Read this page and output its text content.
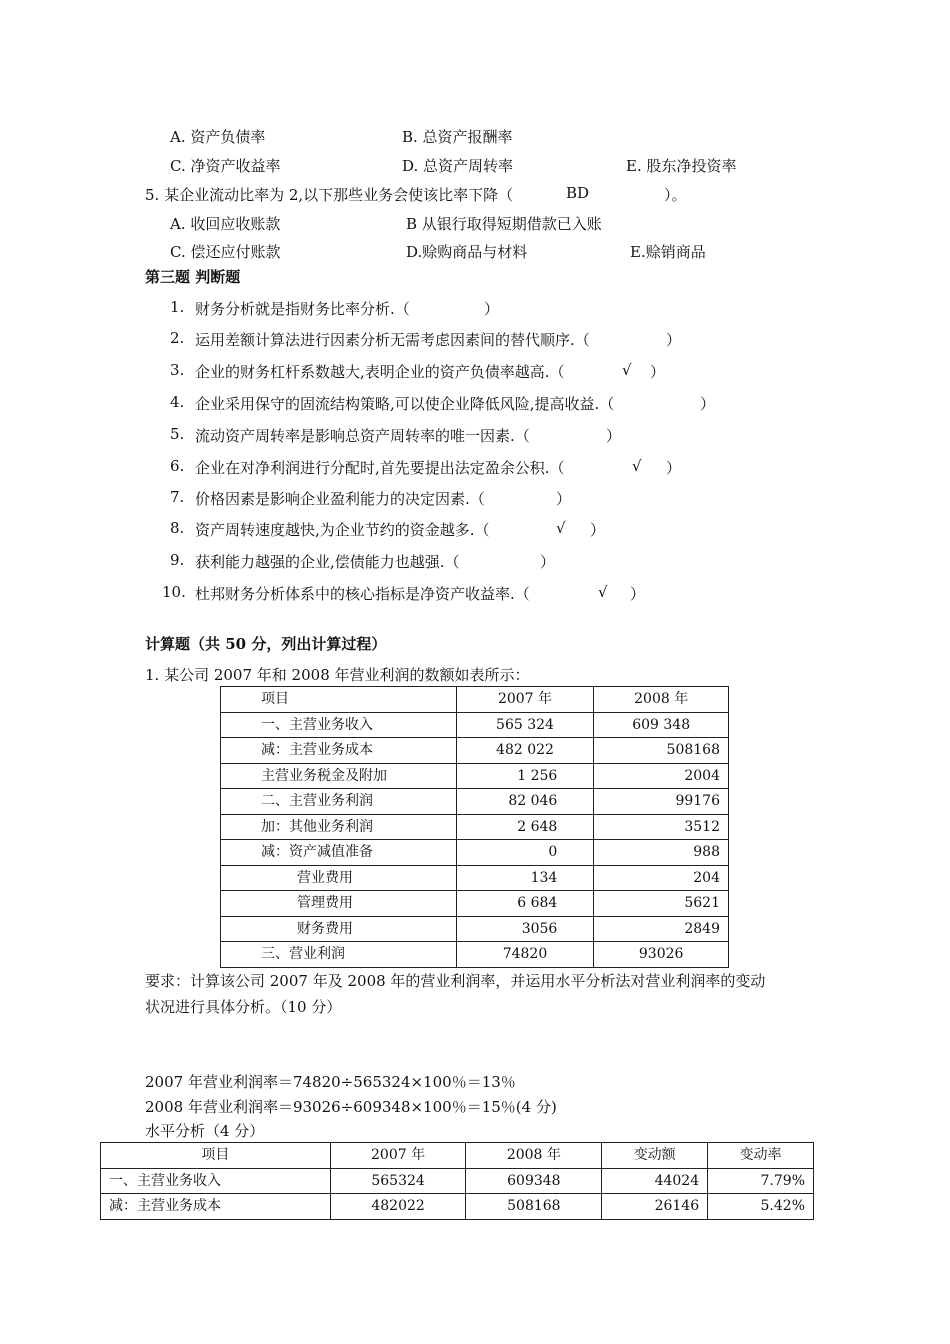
A. 资产负债率	B. 总资产报酬率
C. 净资产收益率	D. 总资产周转率	E. 股东净投资率
5. 某企业流动比率为 2,以下那些业务会使该比率下降（	BD	）。
A. 收回应收账款	B 从银行取得短期借款已入账
C. 偿还应付账款	D.赊购商品与材料	E.赊销商品
第三题 判断题
1. 财务分析就是指财务比率分析.（	）
2. 运用差额计算法进行因素分析无需考虑因素间的替代顺序.（	）
3. 企业的财务杠杆系数越大,表明企业的资产负债率越高.（	√ ）
4. 企业采用保守的固流结构策略,可以使企业降低风险,提高收益.（	）
5. 流动资产周转率是影响总资产周转率的唯一因素.（	）
6. 企业在对净利润进行分配时,首先要提出法定盈余公积.（	√ ）
7. 价格因素是影响企业盈利能力的决定因素.（	）
8. 资产周转速度越快,为企业节约的资金越多.（	√ ）
9. 获利能力越强的企业,偿债能力也越强.（	）
10. 杜邦财务分析体系中的核心指标是净资产收益率.（	√ ）
计算题（共 50 分，列出计算过程）
1. 某公司 2007 年和 2008 年营业利润的数额如表所示：
项目	2007 年	2008 年
一、主营业务收入	565 324	609 348
减：主营业务成本	482 022	508168
主营业务税金及附加	1 256	2004
二、主营业务利润	82 046	99176
加：其他业务利润	2 648	3512
减：资产减值准备	0	988
营业费用	134	204
管理费用	6 684	5621
财务费用	3056	2849
三、营业利润	74820	93026
要求：计算该公司 2007 年及 2008 年的营业利润率，并运用水平分析法对营业利润率的变动
状况进行具体分析。（10 分）
2007 年营业利润率＝74820÷565324×100％＝13％
2008 年营业利润率＝93026÷609348×100％＝15％(4 分)
水平分析（4 分）
项目	2007 年	2008 年	变动额	变动率
一、主营业务收入	565324	609348	44024	7.79%
减：主营业务成本	482022	508168	26146	5.42%
